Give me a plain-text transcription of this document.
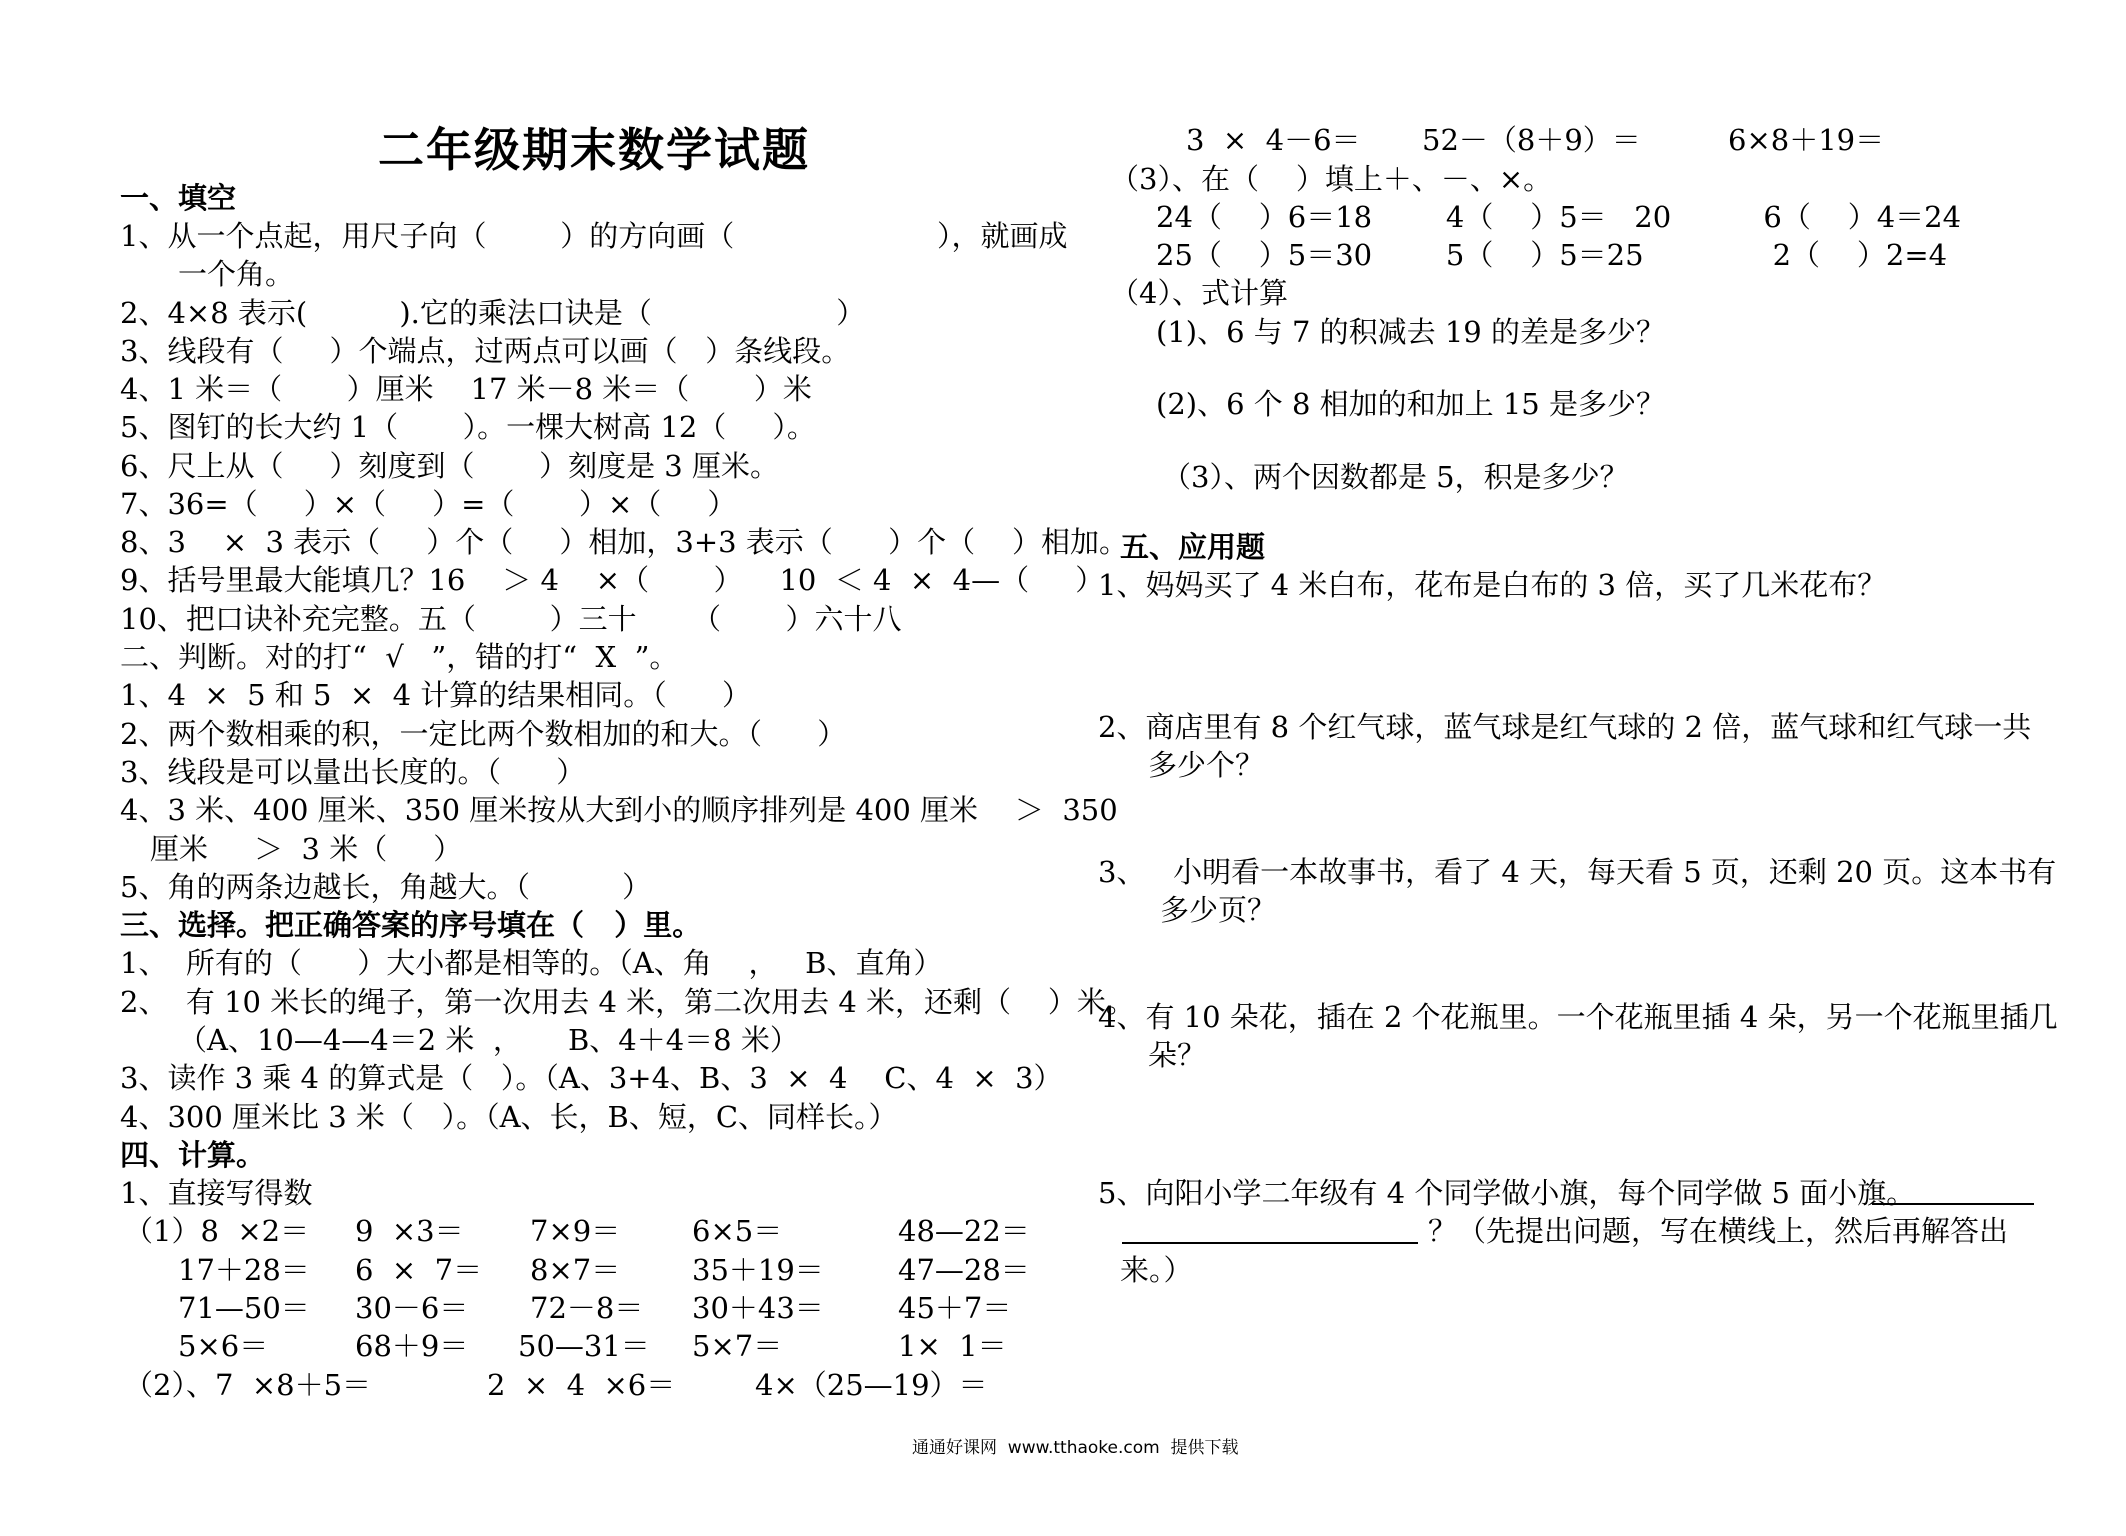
二年级期末数学试题
一、填空
1、从一个点起，用尺子向（        ）的方向画（                      ），就画成
一个角。
2、4×8 表示(          ).它的乘法口诀是（                    ）
3、线段有（     ）个端点，过两点可以画（   ）条线段。
4、1 米＝（       ）厘米    17 米－8 米＝（       ）米
5、图钉的长大约 1（       ）。一棵大树高 12（     ）。
6、尺上从（     ）刻度到（       ）刻度是 3 厘米。
7、36=（     ）×（     ）=（       ）×（     ）
8、3    ×  3 表示（     ）个（     ）相加，3+3 表示（      ）个（    ）相加。
9、括号里最大能填几？16    ＞ 4    ×（       ）    10  ＜ 4  ×  4—（     ）
10、把口诀补充完整。五（        ）三十      （       ）六十八
二、判断。对的打“  √   ”，错的打“  X  ”。
1、4  ×  5 和 5  ×  4 计算的结果相同。（      ）
2、两个数相乘的积，一定比两个数相加的和大。（      ）
3、线段是可以量出长度的。（      ）
4、3 米、400 厘米、350 厘米按从大到小的顺序排列是 400 厘米    ＞  350
厘米     ＞  3 米（     ）
5、角的两条边越长，角越大。（          ）
三、选择。把正确答案的序号填在（   ）里。
1、  所有的（      ）大小都是相等的。（A、角    ，   B、直角）
2、  有 10 米长的绳子，第一次用去 4 米，第二次用去 4 米，还剩（    ）米。
（A、10—4—4＝2 米  ，     B、4＋4＝8 米）
3、读作 3 乘 4 的算式是（   ）。（A、3+4、B、3  ×  4    C、4  ×  3）
4、300 厘米比 3 米（   ）。（A、长，B、短，C、同样长。）
四、计算。
1、直接写得数
（1）8  ×2＝ 9  ×3＝ 7×9＝ 6×5＝	48—22＝
17＋28＝ 6  ×  7＝ 8×7＝ 35＋19＝	47—28＝
71—50＝ 30－6＝ 72－8＝ 30＋43＝	45＋7＝
5×6＝	68＋9＝ 50—31＝ 5×7＝	1×  1＝
（2）、7  ×8＋5＝	2  ×  4  ×6＝	4×（25—19）＝
3  ×  4－6＝ 52－（8＋9）＝	6×8＋19＝
（3）、在（    ）填上＋、－、×。
24（    ）6＝18        4（    ）5＝   20          6（    ）4＝24
25（    ）5＝30        5（    ）5＝25              2（    ）2=4
（4）、式计算
(1)、6 与 7 的积减去 19 的差是多少？
(2)、6 个 8 相加的和加上 15 是多少？
（3）、两个因数都是 5，积是多少？
五、应用题
1、妈妈买了 4 米白布，花布是白布的 3 倍，买了几米花布？
2、商店里有 8 个红气球，蓝气球是红气球的 2 倍，蓝气球和红气球一共
多少个？
3、   小明看一本故事书，看了 4 天，每天看 5 页，还剩 20 页。这本书有
多少页？
4、有 10 朵花，插在 2 个花瓶里。一个花瓶里插 4 朵，另一个花瓶里插几
朵？
5、向阳小学二年级有 4 个同学做小旗，每个同学做 5 面小旗。
？（先提出问题，写在横线上，然后再解答出
来。）
通通好课网  www.tthaoke.com  提供下载
